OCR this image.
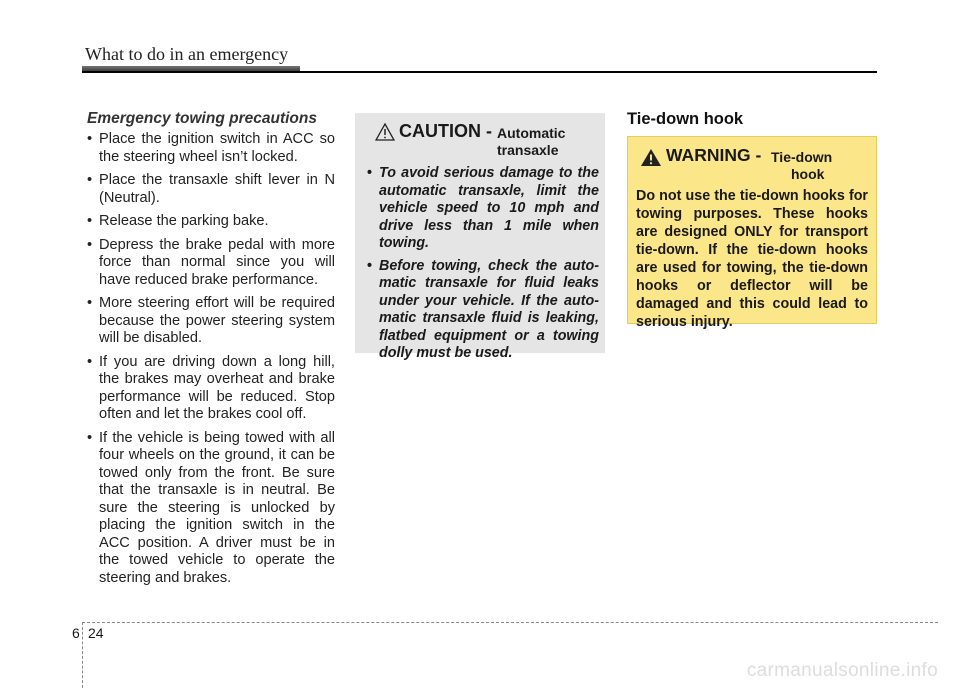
What to do in an emergency
Emergency towing precautions
• Place the ignition switch in ACC so the steering wheel isn’t locked.
• Place the transaxle shift lever in N (Neutral).
• Release the parking bake.
• Depress the brake pedal with more force than normal since you will have reduced brake performance.
• More steering effort will be required because the power steering system will be disabled.
• If you are driving down a long hill, the brakes may overheat and brake performance will be reduced. Stop often and let the brakes cool off.
• If the vehicle is being towed with all four wheels on the ground, it can be towed only from the front. Be sure that the transaxle is in neutral. Be sure the steering is unlocked by placing the ignition switch in the ACC position. A driver must be in the towed vehicle to operate the steering and brakes.
CAUTION - Automatic
transaxle
• To avoid serious damage to the automatic transaxle, limit the vehicle speed to 10 mph and drive less than 1 mile when towing.
• Before towing, check the automatic transaxle for fluid leaks under your vehicle. If the automatic transaxle fluid is leaking, flatbed equipment or a towing dolly must be used.
Tie-down hook
WARNING - Tie-down
hook

Do not use the tie-down hooks for towing purposes. These hooks are designed ONLY for transport tie-down. If the tie-down hooks are used for towing, the tie-down hooks or deflector will be damaged and this could lead to serious injury.

6 24
carmanualsonline.info
